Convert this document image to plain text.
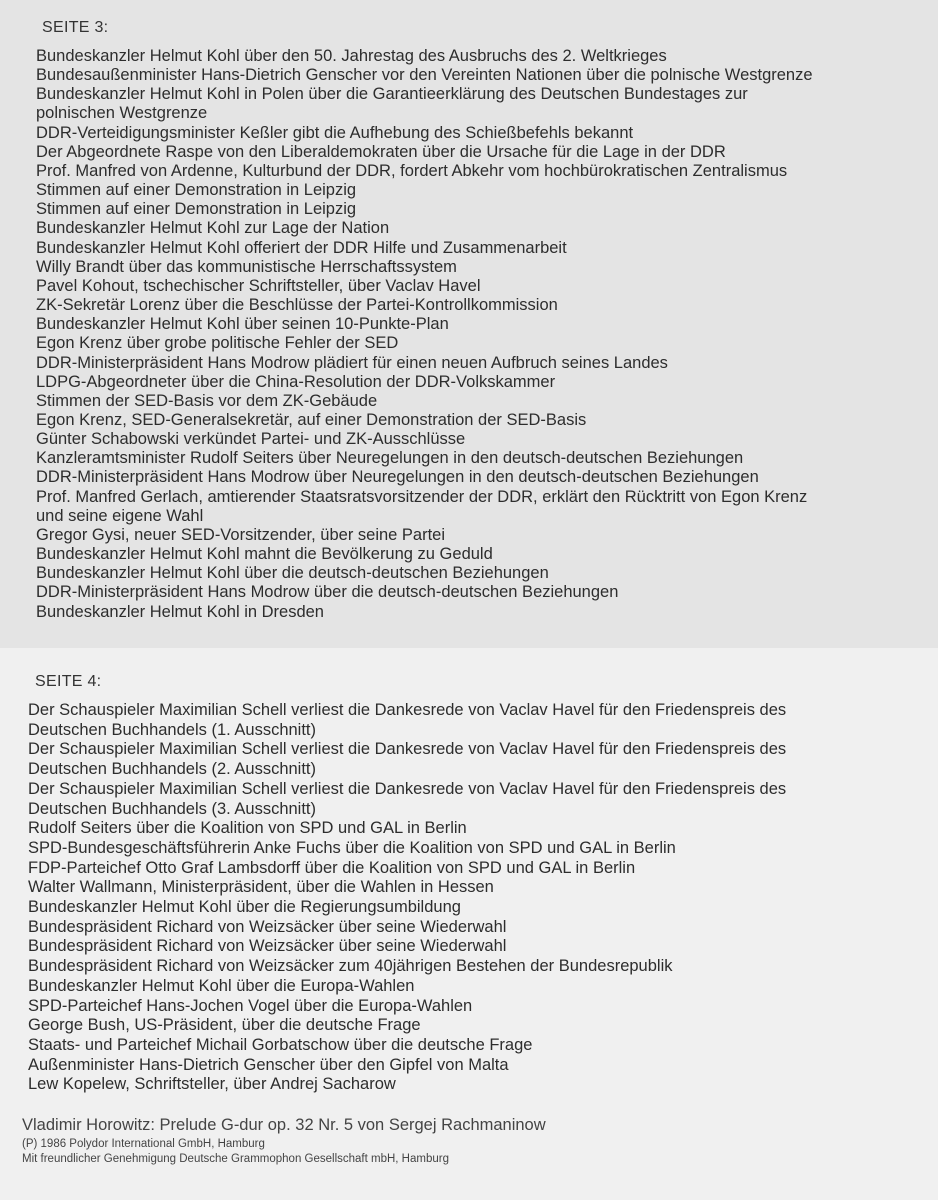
SEITE 3:
Bundeskanzler Helmut Kohl über den 50. Jahrestag des Ausbruchs des 2. Weltkrieges
Bundesaußenminister Hans-Dietrich Genscher vor den Vereinten Nationen über die polnische Westgrenze
Bundeskanzler Helmut Kohl in Polen über die Garantieerklärung des Deutschen Bundestages zur
polnischen Westgrenze
DDR-Verteidigungsminister Keßler gibt die Aufhebung des Schießbefehls bekannt
Der Abgeordnete Raspe von den Liberaldemokraten über die Ursache für die Lage in der DDR
Prof. Manfred von Ardenne, Kulturbund der DDR, fordert Abkehr vom hochbürokratischen Zentralismus
Stimmen auf einer Demonstration in Leipzig
Stimmen auf einer Demonstration in Leipzig
Bundeskanzler Helmut Kohl zur Lage der Nation
Bundeskanzler Helmut Kohl offeriert der DDR Hilfe und Zusammenarbeit
Willy Brandt über das kommunistische Herrschaftssystem
Pavel Kohout, tschechischer Schriftsteller, über Vaclav Havel
ZK-Sekretär Lorenz über die Beschlüsse der Partei-Kontrollkommission
Bundeskanzler Helmut Kohl über seinen 10-Punkte-Plan
Egon Krenz über grobe politische Fehler der SED
DDR-Ministerpräsident Hans Modrow plädiert für einen neuen Aufbruch seines Landes
LDPG-Abgeordneter über die China-Resolution der DDR-Volkskammer
Stimmen der SED-Basis vor dem ZK-Gebäude
Egon Krenz, SED-Generalsekretär, auf einer Demonstration der SED-Basis
Günter Schabowski verkündet Partei- und ZK-Ausschlüsse
Kanzleramtsminister Rudolf Seiters über Neuregelungen in den deutsch-deutschen Beziehungen
DDR-Ministerpräsident Hans Modrow über Neuregelungen in den deutsch-deutschen Beziehungen
Prof. Manfred Gerlach, amtierender Staatsratsvorsitzender der DDR, erklärt den Rücktritt von Egon Krenz
und seine eigene Wahl
Gregor Gysi, neuer SED-Vorsitzender, über seine Partei
Bundeskanzler Helmut Kohl mahnt die Bevölkerung zu Geduld
Bundeskanzler Helmut Kohl über die deutsch-deutschen Beziehungen
DDR-Ministerpräsident Hans Modrow über die deutsch-deutschen Beziehungen
Bundeskanzler Helmut Kohl in Dresden
SEITE 4:
Der Schauspieler Maximilian Schell verliest die Dankesrede von Vaclav Havel für den Friedenspreis des
Deutschen Buchhandels (1. Ausschnitt)
Der Schauspieler Maximilian Schell verliest die Dankesrede von Vaclav Havel für den Friedenspreis des
Deutschen Buchhandels (2. Ausschnitt)
Der Schauspieler Maximilian Schell verliest die Dankesrede von Vaclav Havel für den Friedenspreis des
Deutschen Buchhandels (3. Ausschnitt)
Rudolf Seiters über die Koalition von SPD und GAL in Berlin
SPD-Bundesgeschäftsführerin Anke Fuchs über die Koalition von SPD und GAL in Berlin
FDP-Parteichef Otto Graf Lambsdorff über die Koalition von SPD und GAL in Berlin
Walter Wallmann, Ministerpräsident, über die Wahlen in Hessen
Bundeskanzler Helmut Kohl über die Regierungsumbildung
Bundespräsident Richard von Weizsäcker über seine Wiederwahl
Bundespräsident Richard von Weizsäcker über seine Wiederwahl
Bundespräsident Richard von Weizsäcker zum 40jährigen Bestehen der Bundesrepublik
Bundeskanzler Helmut Kohl über die Europa-Wahlen
SPD-Parteichef Hans-Jochen Vogel über die Europa-Wahlen
George Bush, US-Präsident, über die deutsche Frage
Staats- und Parteichef Michail Gorbatschow über die deutsche Frage
Außenminister Hans-Dietrich Genscher über den Gipfel von Malta
Lew Kopelew, Schriftsteller, über Andrej Sacharow
Vladimir Horowitz: Prelude G-dur op. 32 Nr. 5 von Sergej Rachmaninow
(P) 1986 Polydor International GmbH, Hamburg
Mit freundlicher Genehmigung Deutsche Grammophon Gesellschaft mbH, Hamburg
